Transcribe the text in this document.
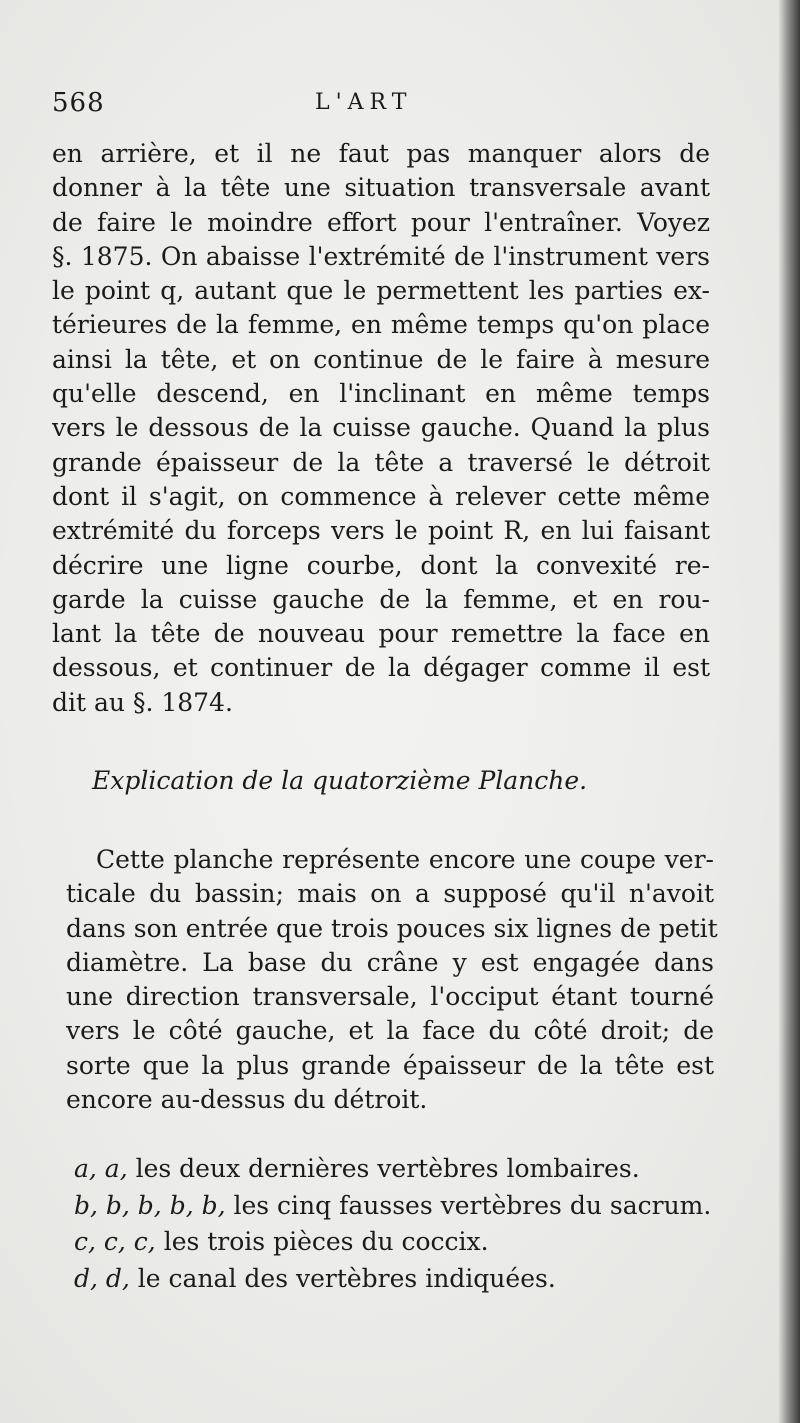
568	L'ART
en arrière, et il ne faut pas manquer alors de
donner à la tête une situation transversale avant
de faire le moindre effort pour l'entraîner. Voyez
§. 1875. On abaisse l'extrémité de l'instrument vers
le point q, autant que le permettent les parties ex-
térieures de la femme, en même temps qu'on place
ainsi la tête, et on continue de le faire à mesure
qu'elle descend, en l'inclinant en même temps
vers le dessous de la cuisse gauche. Quand la plus
grande épaisseur de la tête a traversé le détroit
dont il s'agit, on commence à relever cette même
extrémité du forceps vers le point R, en lui faisant
décrire une ligne courbe, dont la convexité re-
garde la cuisse gauche de la femme, et en rou-
lant la tête de nouveau pour remettre la face en
dessous, et continuer de la dégager comme il est
dit au §. 1874.
Explication de la quatorzième Planche.
Cette planche représente encore une coupe ver-
ticale du bassin; mais on a supposé qu'il n'avoit
dans son entrée que trois pouces six lignes de petit
diamètre. La base du crâne y est engagée dans
une direction transversale, l'occiput étant tourné
vers le côté gauche, et la face du côté droit; de
sorte que la plus grande épaisseur de la tête est
encore au-dessus du détroit.
a, a, les deux dernières vertèbres lombaires.
b, b, b, b, b, les cinq fausses vertèbres du sacrum.
c, c, c, les trois pièces du coccix.
d, d, le canal des vertèbres indiquées.
